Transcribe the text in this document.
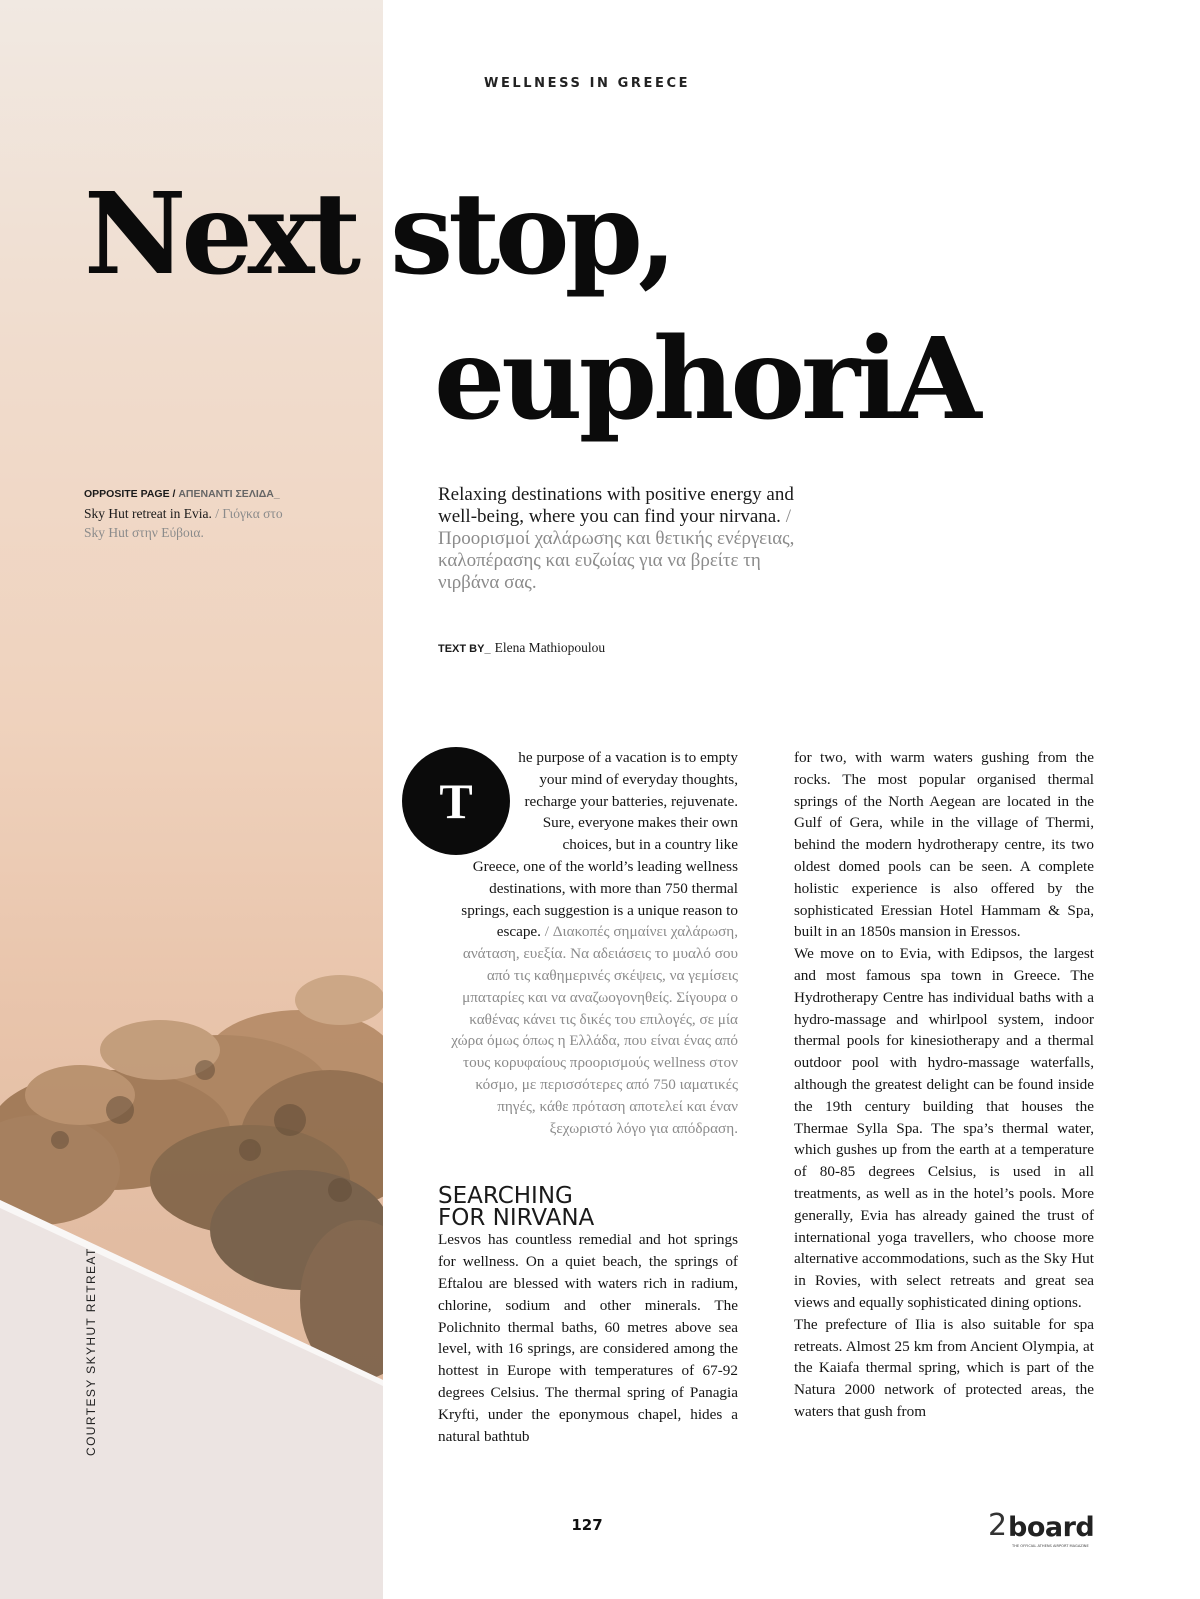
WELLNESS IN GREECE
Next stop,
euphoriA
OPPOSITE PAGE / ΑΠΕΝΑΝΤΙ ΣΕΛΙΔΑ_
Sky Hut retreat in Evia. / Γιόγκα στο Sky Hut στην Εύβοια.
Relaxing destinations with positive energy and well-being, where you can find your nirvana. / Προορισμοί χαλάρωσης και θετικής ενέργειας, καλοπέρασης και ευζωίας για να βρείτε τη νιρβάνα σας.
TEXT BY_ Elena Mathiopoulou
T

he purpose of a vacation is to empty your mind of everyday thoughts, recharge your batteries, rejuvenate. Sure, everyone makes their own choices, but in a country like Greece, one of the world’s leading wellness destinations, with more than 750 thermal springs, each suggestion is a unique reason to escape. / Διακοπές σημαίνει χαλάρωση, ανάταση, ευεξία. Να αδειάσεις το μυαλό σου από τις καθημερινές σκέψεις, να γεμίσεις μπαταρίες και να αναζωογονηθείς. Σίγουρα ο καθένας κάνει τις δικές του επιλογές, σε μία χώρα όμως όπως η Ελλάδα, που είναι ένας από τους κορυφαίους προορισμούς wellness στον κόσμο, με περισσότερες από 750 ιαματικές πηγές, κάθε πρόταση αποτελεί και έναν ξεχωριστό λόγο για απόδραση.

SEARCHING
FOR NIRVANA

Lesvos has countless remedial and hot springs for wellness. On a quiet beach, the springs of Eftalou are blessed with waters rich in radium, chlorine, sodium and other minerals. The Polichnito thermal baths, 60 metres above sea level, with 16 springs, are considered among the hottest in Europe with temperatures of 67-92 degrees Celsius. The thermal spring of Panagia Kryfti, under the eponymous chapel, hides a natural bathtub

for two, with warm waters gushing from the rocks. The most popular organised thermal springs of the North Aegean are located in the Gulf of Gera, while in the village of Thermi, behind the modern hydrotherapy centre, its two oldest domed pools can be seen. A complete holistic experience is also offered by the sophisticated Eressian Hotel Hammam & Spa, built in an 1850s mansion in Eressos.

We move on to Evia, with Edipsos, the largest and most famous spa town in Greece. The Hydrotherapy Centre has individual baths with a hydro-massage and whirlpool system, indoor thermal pools for kinesiotherapy and a thermal outdoor pool with hydro-massage waterfalls, although the greatest delight can be found inside the 19th century building that houses the Thermae Sylla Spa. The spa’s thermal water, which gushes up from the earth at a temperature of 80-85 degrees Celsius, is used in all treatments, as well as in the hotel’s pools. More generally, Evia has already gained the trust of international yoga travellers, who choose more alternative accommodations, such as the Sky Hut in Rovies, with select retreats and great sea views and equally sophisticated dining options.

The prefecture of Ilia is also suitable for spa retreats. Almost 25 km from Ancient Olympia, at the Kaiafa thermal spring, which is part of the Natura 2000 network of protected areas, the waters that gush from

COURTESY SKYHUT RETREAT
127	2 board
THE OFFICIAL ATHENS AIRPORT MAGAZINE
